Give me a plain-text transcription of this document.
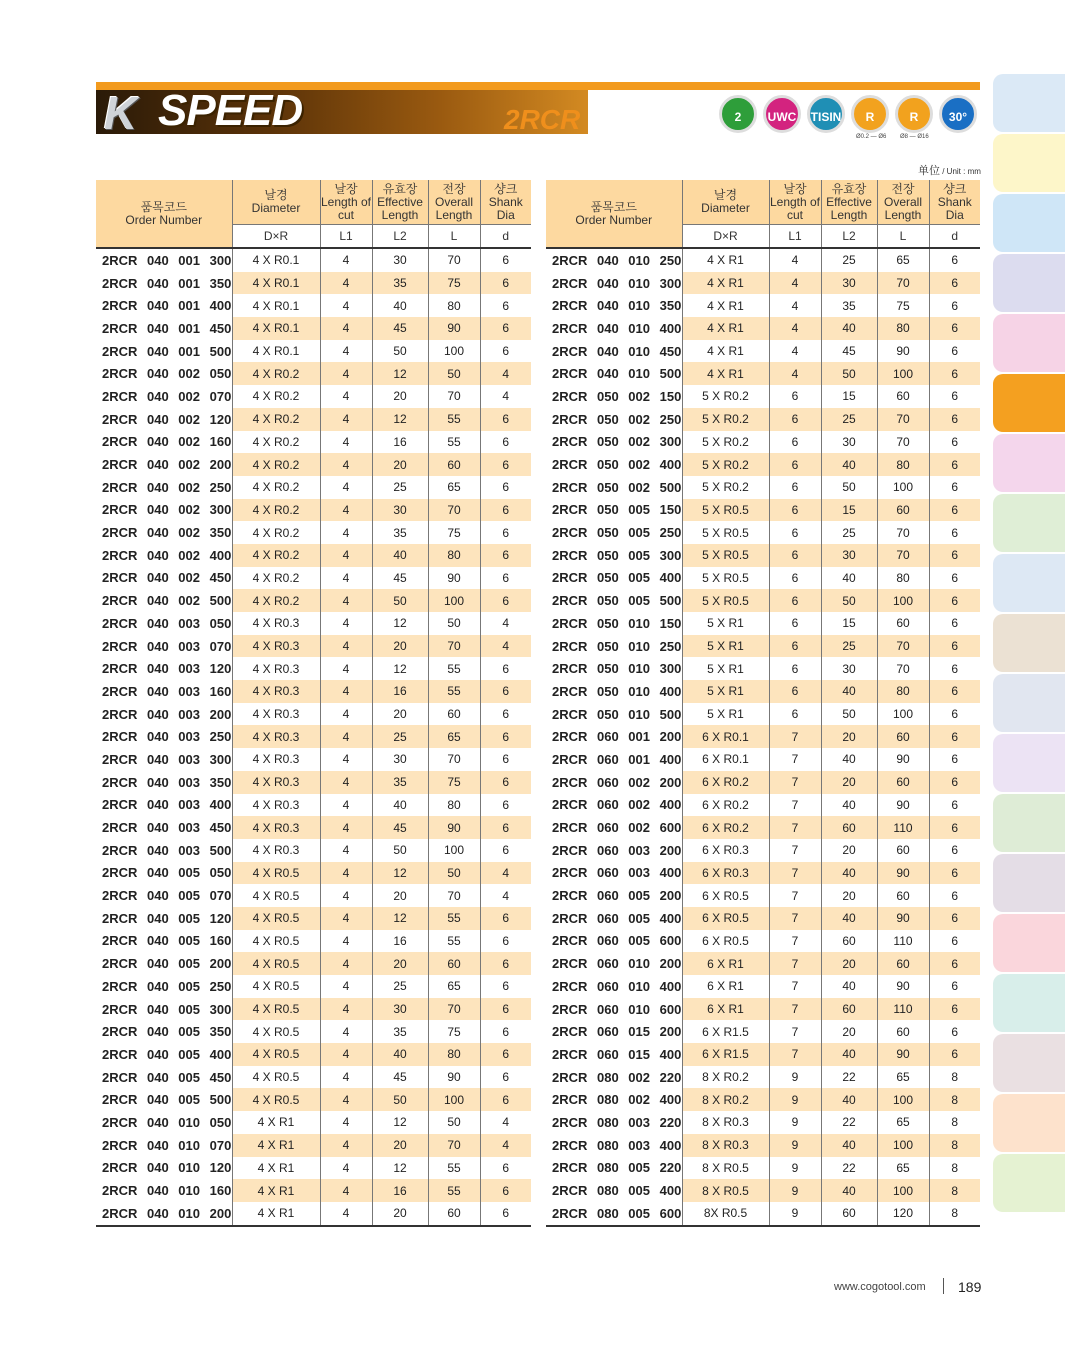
K SPEED	2RCR	2	UWC	TISIN	R	R	30°
Ø0.2 — Ø6 Ø8 — Ø16
单位 / Unit : mm
품목코드
Order Number	날경
Diameter	날장
Length of cut	유효장
Effective Length	전장
Overall Length	샹크
Shank Dia
	D×R	L1	L2	L	d
2RCR 040 001 300	4 X R0.1	4	30	70	6
2RCR 040 001 350	4 X R0.1	4	35	75	6
2RCR 040 001 400	4 X R0.1	4	40	80	6
2RCR 040 001 450	4 X R0.1	4	45	90	6
2RCR 040 001 500	4 X R0.1	4	50	100	6
2RCR 040 002 050	4 X R0.2	4	12	50	4
2RCR 040 002 070	4 X R0.2	4	20	70	4
2RCR 040 002 120	4 X R0.2	4	12	55	6
2RCR 040 002 160	4 X R0.2	4	16	55	6
2RCR 040 002 200	4 X R0.2	4	20	60	6
2RCR 040 002 250	4 X R0.2	4	25	65	6
2RCR 040 002 300	4 X R0.2	4	30	70	6
2RCR 040 002 350	4 X R0.2	4	35	75	6
2RCR 040 002 400	4 X R0.2	4	40	80	6
2RCR 040 002 450	4 X R0.2	4	45	90	6
2RCR 040 002 500	4 X R0.2	4	50	100	6
2RCR 040 003 050	4 X R0.3	4	12	50	4
2RCR 040 003 070	4 X R0.3	4	20	70	4
2RCR 040 003 120	4 X R0.3	4	12	55	6
2RCR 040 003 160	4 X R0.3	4	16	55	6
2RCR 040 003 200	4 X R0.3	4	20	60	6
2RCR 040 003 250	4 X R0.3	4	25	65	6
2RCR 040 003 300	4 X R0.3	4	30	70	6
2RCR 040 003 350	4 X R0.3	4	35	75	6
2RCR 040 003 400	4 X R0.3	4	40	80	6
2RCR 040 003 450	4 X R0.3	4	45	90	6
2RCR 040 003 500	4 X R0.3	4	50	100	6
2RCR 040 005 050	4 X R0.5	4	12	50	4
2RCR 040 005 070	4 X R0.5	4	20	70	4
2RCR 040 005 120	4 X R0.5	4	12	55	6
2RCR 040 005 160	4 X R0.5	4	16	55	6
2RCR 040 005 200	4 X R0.5	4	20	60	6
2RCR 040 005 250	4 X R0.5	4	25	65	6
2RCR 040 005 300	4 X R0.5	4	30	70	6
2RCR 040 005 350	4 X R0.5	4	35	75	6
2RCR 040 005 400	4 X R0.5	4	40	80	6
2RCR 040 005 450	4 X R0.5	4	45	90	6
2RCR 040 005 500	4 X R0.5	4	50	100	6
2RCR 040 010 050	4 X R1	4	12	50	4
2RCR 040 010 070	4 X R1	4	20	70	4
2RCR 040 010 120	4 X R1	4	12	55	6
2RCR 040 010 160	4 X R1	4	16	55	6
2RCR 040 010 200	4 X R1	4	20	60	6
품목코드
Order Number	날경
Diameter	날장
Length of cut	유효장
Effective Length	전장
Overall Length	샹크
Shank Dia
	D×R	L1	L2	L	d
2RCR 040 010 250	4 X R1	4	25	65	6
2RCR 040 010 300	4 X R1	4	30	70	6
2RCR 040 010 350	4 X R1	4	35	75	6
2RCR 040 010 400	4 X R1	4	40	80	6
2RCR 040 010 450	4 X R1	4	45	90	6
2RCR 040 010 500	4 X R1	4	50	100	6
2RCR 050 002 150	5 X R0.2	6	15	60	6
2RCR 050 002 250	5 X R0.2	6	25	70	6
2RCR 050 002 300	5 X R0.2	6	30	70	6
2RCR 050 002 400	5 X R0.2	6	40	80	6
2RCR 050 002 500	5 X R0.2	6	50	100	6
2RCR 050 005 150	5 X R0.5	6	15	60	6
2RCR 050 005 250	5 X R0.5	6	25	70	6
2RCR 050 005 300	5 X R0.5	6	30	70	6
2RCR 050 005 400	5 X R0.5	6	40	80	6
2RCR 050 005 500	5 X R0.5	6	50	100	6
2RCR 050 010 150	5 X R1	6	15	60	6
2RCR 050 010 250	5 X R1	6	25	70	6
2RCR 050 010 300	5 X R1	6	30	70	6
2RCR 050 010 400	5 X R1	6	40	80	6
2RCR 050 010 500	5 X R1	6	50	100	6
2RCR 060 001 200	6 X R0.1	7	20	60	6
2RCR 060 001 400	6 X R0.1	7	40	90	6
2RCR 060 002 200	6 X R0.2	7	20	60	6
2RCR 060 002 400	6 X R0.2	7	40	90	6
2RCR 060 002 600	6 X R0.2	7	60	110	6
2RCR 060 003 200	6 X R0.3	7	20	60	6
2RCR 060 003 400	6 X R0.3	7	40	90	6
2RCR 060 005 200	6 X R0.5	7	20	60	6
2RCR 060 005 400	6 X R0.5	7	40	90	6
2RCR 060 005 600	6 X R0.5	7	60	110	6
2RCR 060 010 200	6 X R1	7	20	60	6
2RCR 060 010 400	6 X R1	7	40	90	6
2RCR 060 010 600	6 X R1	7	60	110	6
2RCR 060 015 200	6 X R1.5	7	20	60	6
2RCR 060 015 400	6 X R1.5	7	40	90	6
2RCR 080 002 220	8 X R0.2	9	22	65	8
2RCR 080 002 400	8 X R0.2	9	40	100	8
2RCR 080 003 220	8 X R0.3	9	22	65	8
2RCR 080 003 400	8 X R0.3	9	40	100	8
2RCR 080 005 220	8 X R0.5	9	22	65	8
2RCR 080 005 400	8 X R0.5	9	40	100	8
2RCR 080 005 600	8X R0.5	9	60	120	8
www.cogotool.com 189
